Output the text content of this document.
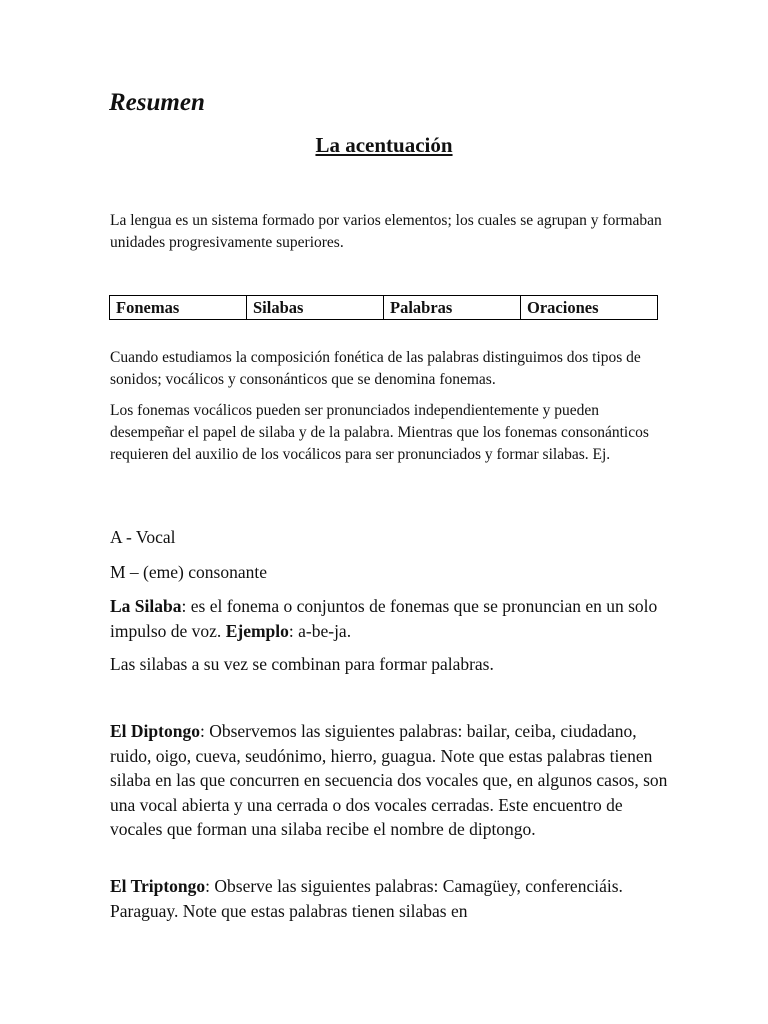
Resumen
La acentuación

La lengua es un sistema formado por varios elementos; los cuales se agrupan y formaban unidades progresivamente superiores.

Fonemas	Silabas	Palabras	Oraciones

Cuando estudiamos la composición fonética de las palabras distinguimos dos tipos de sonidos; vocálicos y consonánticos que se denomina fonemas.

Los fonemas vocálicos pueden ser pronunciados independientemente y pueden desempeñar el papel de silaba y de la palabra. Mientras que los fonemas consonánticos requieren del auxilio de los vocálicos para ser pronunciados y formar silabas. Ej.

A - Vocal

M – (eme) consonante

La Silaba: es el fonema o conjuntos de fonemas que se pronuncian en un solo impulso de voz. Ejemplo: a-be-ja.

Las silabas a su vez se combinan para formar palabras.

El Diptongo: Observemos las siguientes palabras: bailar, ceiba, ciudadano, ruido, oigo, cueva, seudónimo, hierro, guagua. Note que estas palabras tienen silaba en las que concurren en secuencia dos vocales que, en algunos casos, son una vocal abierta y una cerrada o dos vocales cerradas. Este encuentro de vocales que forman una silaba recibe el nombre de diptongo.

El Triptongo: Observe las siguientes palabras: Camagüey, conferenciáis. Paraguay. Note que estas palabras tienen silabas en
